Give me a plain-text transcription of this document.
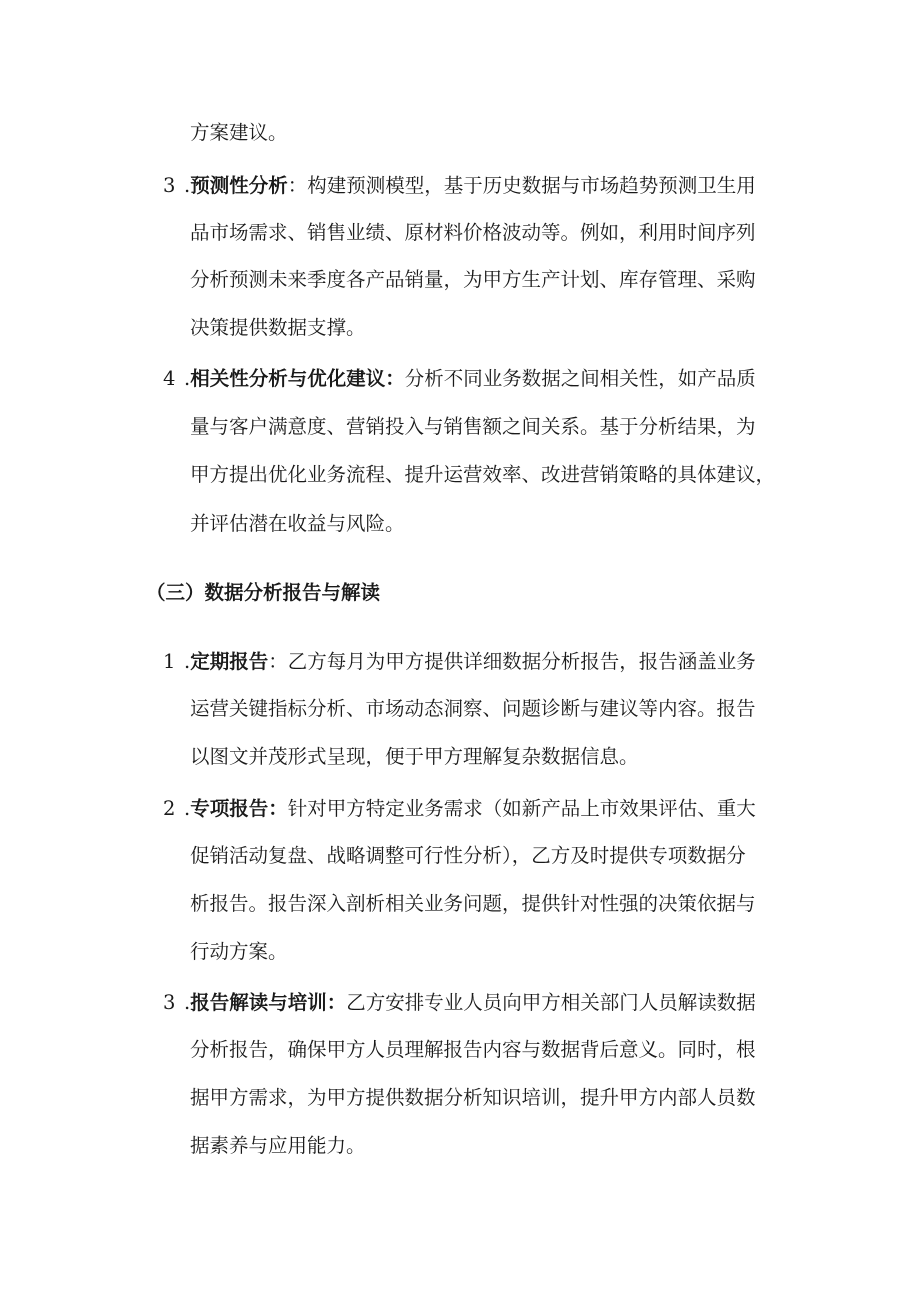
方案建议。
3 .预测性分析：构建预测模型，基于历史数据与市场趋势预测卫生用
品市场需求、销售业绩、原材料价格波动等。例如，利用时间序列
分析预测未来季度各产品销量，为甲方生产计划、库存管理、采购
决策提供数据支撑。
4 .相关性分析与优化建议：分析不同业务数据之间相关性，如产品质
量与客户满意度、营销投入与销售额之间关系。基于分析结果，为
甲方提出优化业务流程、提升运营效率、改进营销策略的具体建议，
并评估潜在收益与风险。
（三）数据分析报告与解读
1 .定期报告：乙方每月为甲方提供详细数据分析报告，报告涵盖业务
运营关键指标分析、市场动态洞察、问题诊断与建议等内容。报告
以图文并茂形式呈现，便于甲方理解复杂数据信息。
2 .专项报告：针对甲方特定业务需求（如新产品上市效果评估、重大
促销活动复盘、战略调整可行性分析），乙方及时提供专项数据分
析报告。报告深入剖析相关业务问题，提供针对性强的决策依据与
行动方案。
3 .报告解读与培训：乙方安排专业人员向甲方相关部门人员解读数据
分析报告，确保甲方人员理解报告内容与数据背后意义。同时，根
据甲方需求，为甲方提供数据分析知识培训，提升甲方内部人员数
据素养与应用能力。
